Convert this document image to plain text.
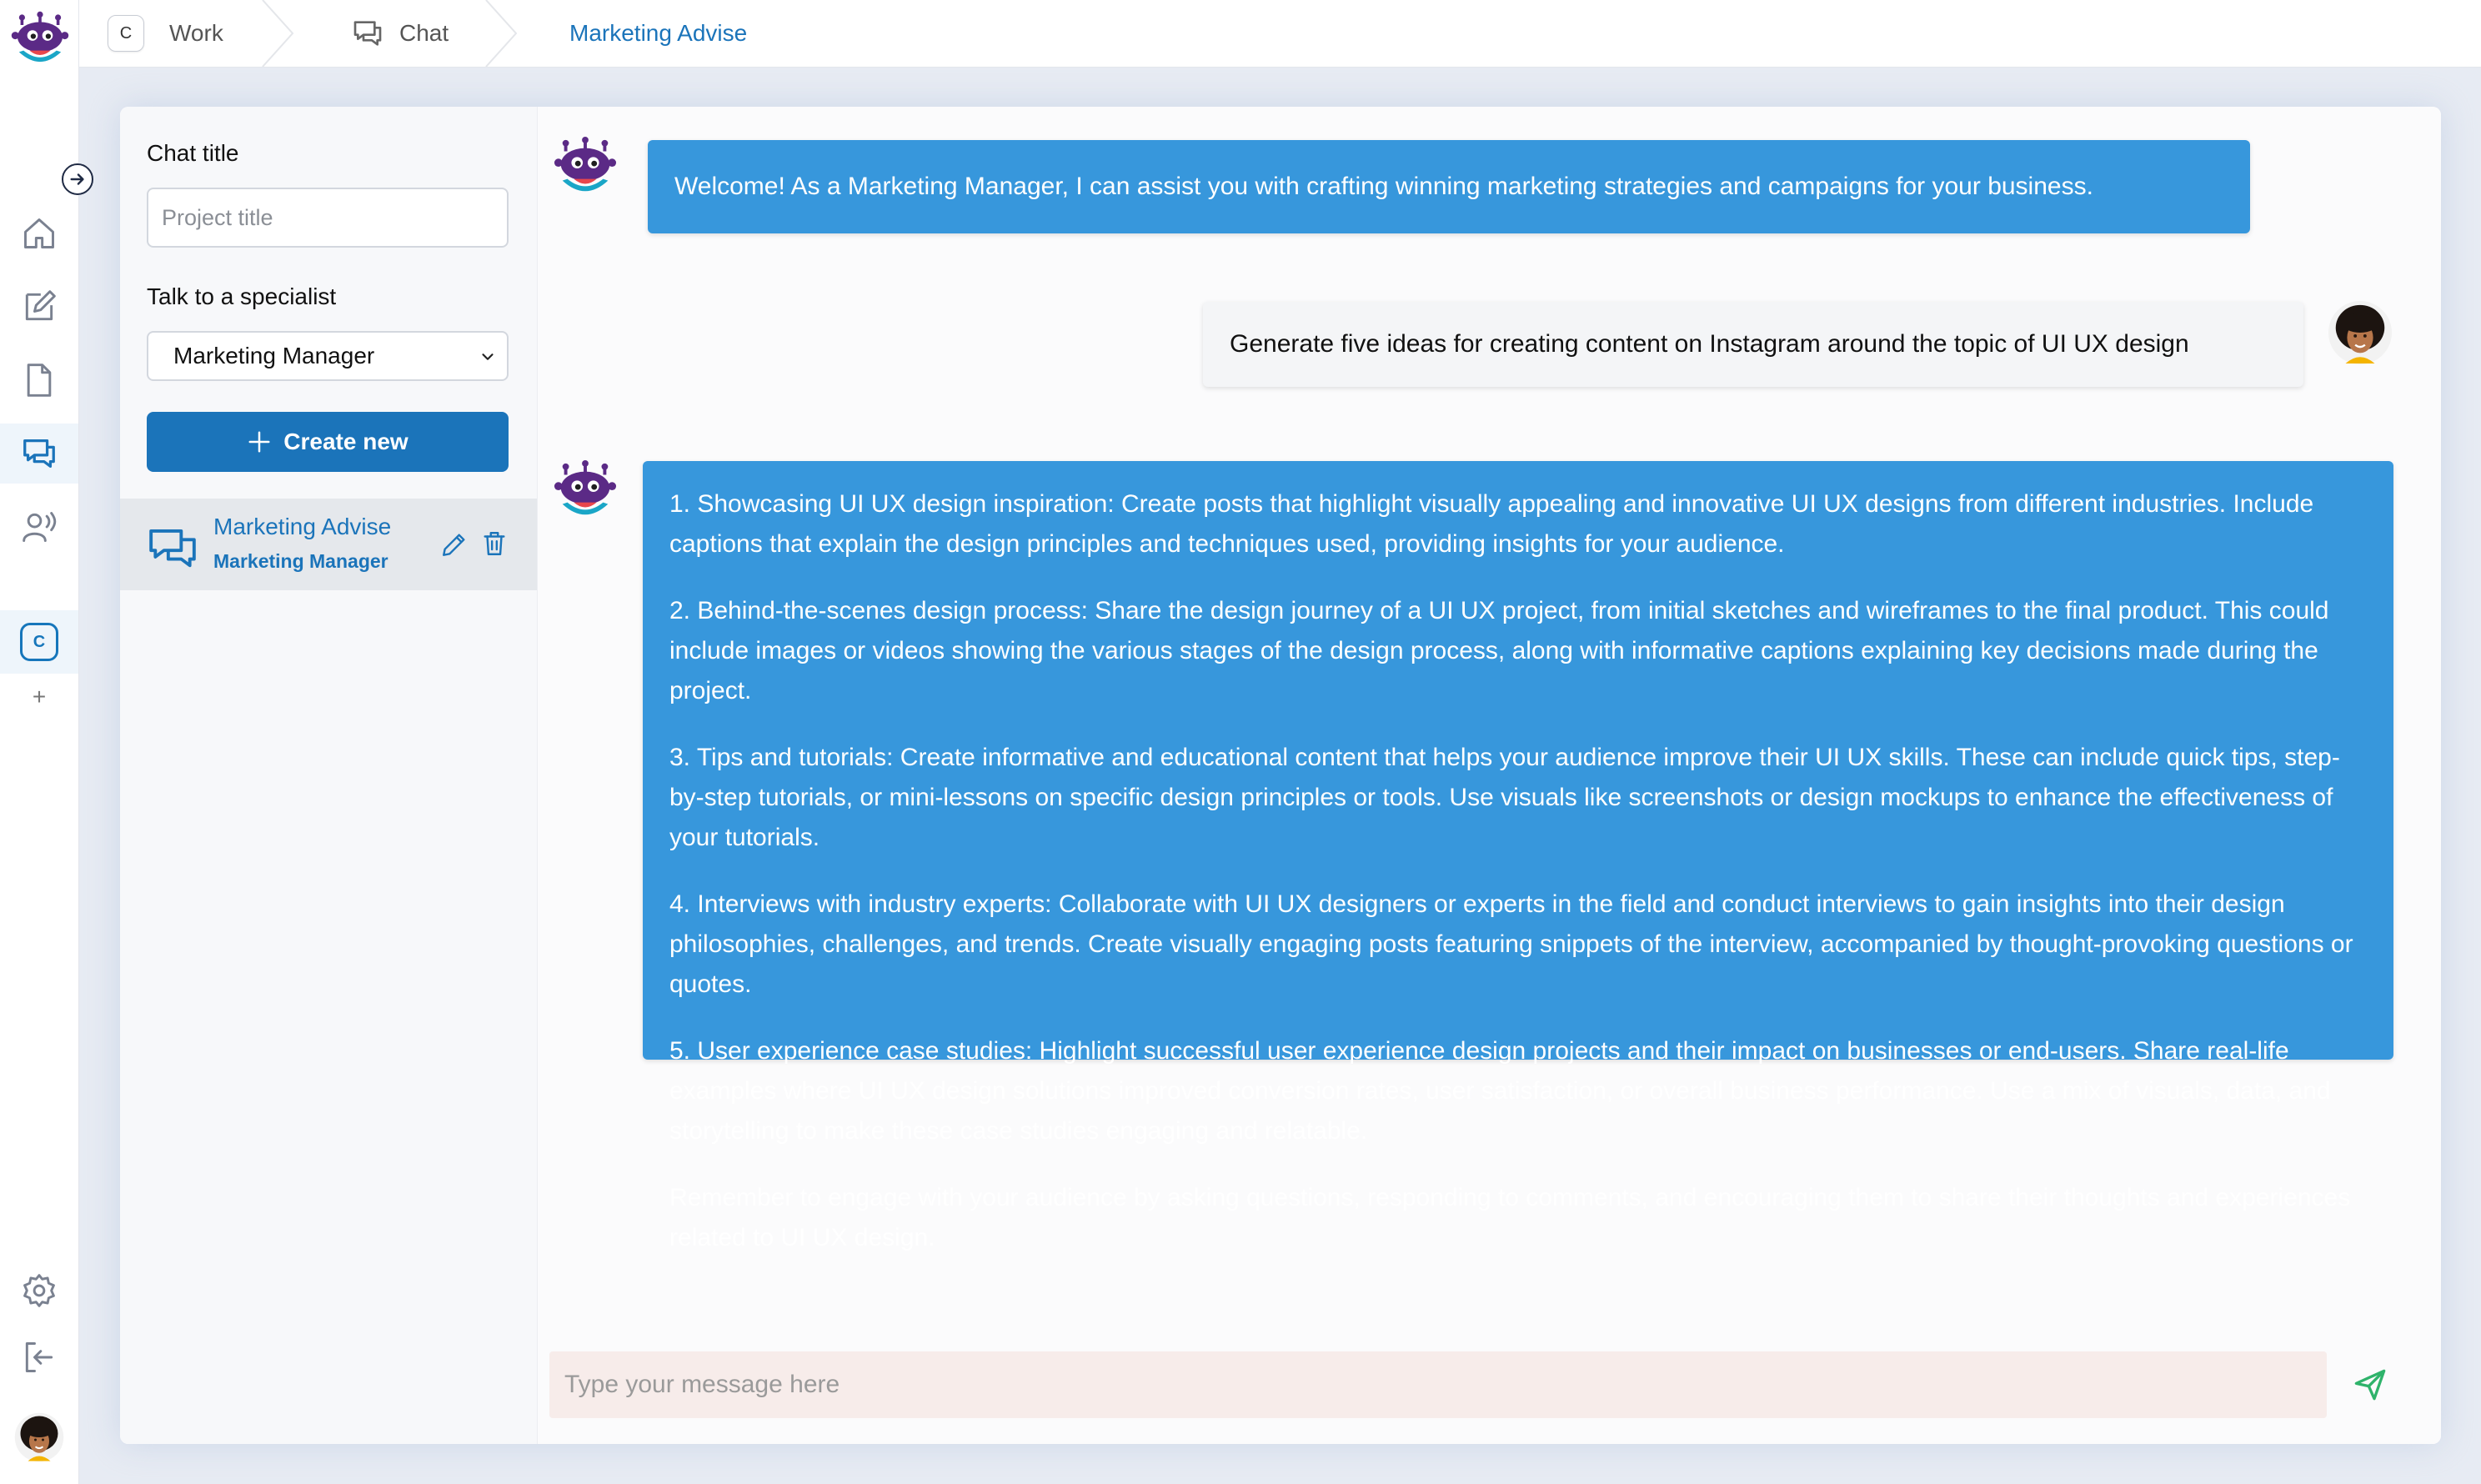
C
+
C Work	Chat	Marketing Advise
Chat title
Project title
Talk to a specialist
Marketing Manager
Create new
Marketing Advise
Marketing Manager

Welcome! As a Marketing Manager, I can assist you with crafting winning marketing strategies and campaigns for your business.

Generate five ideas for creating content on Instagram around the topic of UI UX design

1. Showcasing UI UX design inspiration: Create posts that highlight visually appealing and innovative UI UX designs from different industries. Include captions that explain the design principles and techniques used, providing insights for your audience.

2. Behind-the-scenes design process: Share the design journey of a UI UX project, from initial sketches and wireframes to the final product. This could include images or videos showing the various stages of the design process, along with informative captions explaining key decisions made during the project.

3. Tips and tutorials: Create informative and educational content that helps your audience improve their UI UX skills. These can include quick tips, step-by-step tutorials, or mini-lessons on specific design principles or tools. Use visuals like screenshots or design mockups to enhance the effectiveness of your tutorials.

4. Interviews with industry experts: Collaborate with UI UX designers or experts in the field and conduct interviews to gain insights into their design philosophies, challenges, and trends. Create visually engaging posts featuring snippets of the interview, accompanied by thought-provoking questions or quotes.

5. User experience case studies: Highlight successful user experience design projects and their impact on businesses or end-users. Share real-life examples where UI UX design solutions improved conversion rates, user satisfaction, or overall business performance. Use a mix of visuals, data, and storytelling to make these case studies engaging and relatable.

Remember to engage with your audience by asking questions, responding to comments, and encouraging them to share their thoughts and experiences related to UI UX design.

Type your message here
